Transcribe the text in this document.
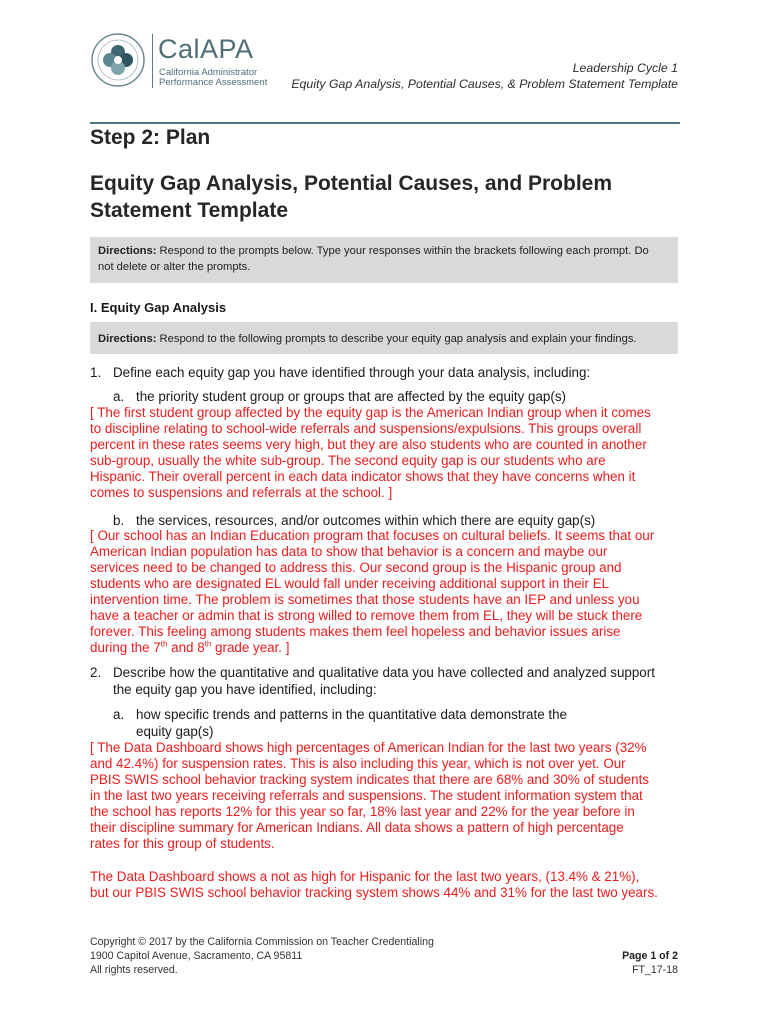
CalAPA
California Administrator
Performance Assessment
Leadership Cycle 1
Equity Gap Analysis, Potential Causes, & Problem Statement Template
Step 2: Plan
Equity Gap Analysis, Potential Causes, and Problem
Statement Template
Directions: Respond to the prompts below. Type your responses within the brackets following each prompt. Do
not delete or alter the prompts.
I. Equity Gap Analysis
Directions: Respond to the following prompts to describe your equity gap analysis and explain your findings.
1. Define each equity gap you have identified through your data analysis, including:
a. the priority student group or groups that are affected by the equity gap(s)
[ The first student group affected by the equity gap is the American Indian group when it comes
to discipline relating to school-wide referrals and suspensions/expulsions. This groups overall
percent in these rates seems very high, but they are also students who are counted in another
sub-group, usually the white sub-group. The second equity gap is our students who are
Hispanic. Their overall percent in each data indicator shows that they have concerns when it
comes to suspensions and referrals at the school. ]
b. the services, resources, and/or outcomes within which there are equity gap(s)
[ Our school has an Indian Education program that focuses on cultural beliefs. It seems that our
American Indian population has data to show that behavior is a concern and maybe our
services need to be changed to address this. Our second group is the Hispanic group and
students who are designated EL would fall under receiving additional support in their EL
intervention time. The problem is sometimes that those students have an IEP and unless you
have a teacher or admin that is strong willed to remove them from EL, they will be stuck there
forever. This feeling among students makes them feel hopeless and behavior issues arise
during the 7th and 8th grade year. ]
2. Describe how the quantitative and qualitative data you have collected and analyzed support
the equity gap you have identified, including:
a. how specific trends and patterns in the quantitative data demonstrate the
equity gap(s)
[ The Data Dashboard shows high percentages of American Indian for the last two years (32%
and 42.4%) for suspension rates. This is also including this year, which is not over yet. Our
PBIS SWIS school behavior tracking system indicates that there are 68% and 30% of students
in the last two years receiving referrals and suspensions. The student information system that
the school has reports 12% for this year so far, 18% last year and 22% for the year before in
their discipline summary for American Indians. All data shows a pattern of high percentage
rates for this group of students.
The Data Dashboard shows a not as high for Hispanic for the last two years, (13.4% & 21%),
but our PBIS SWIS school behavior tracking system shows 44% and 31% for the last two years.
Copyright © 2017 by the California Commission on Teacher Credentialing
1900 Capitol Avenue, Sacramento, CA 95811
All rights reserved.
Page 1 of 2
FT_17-18
